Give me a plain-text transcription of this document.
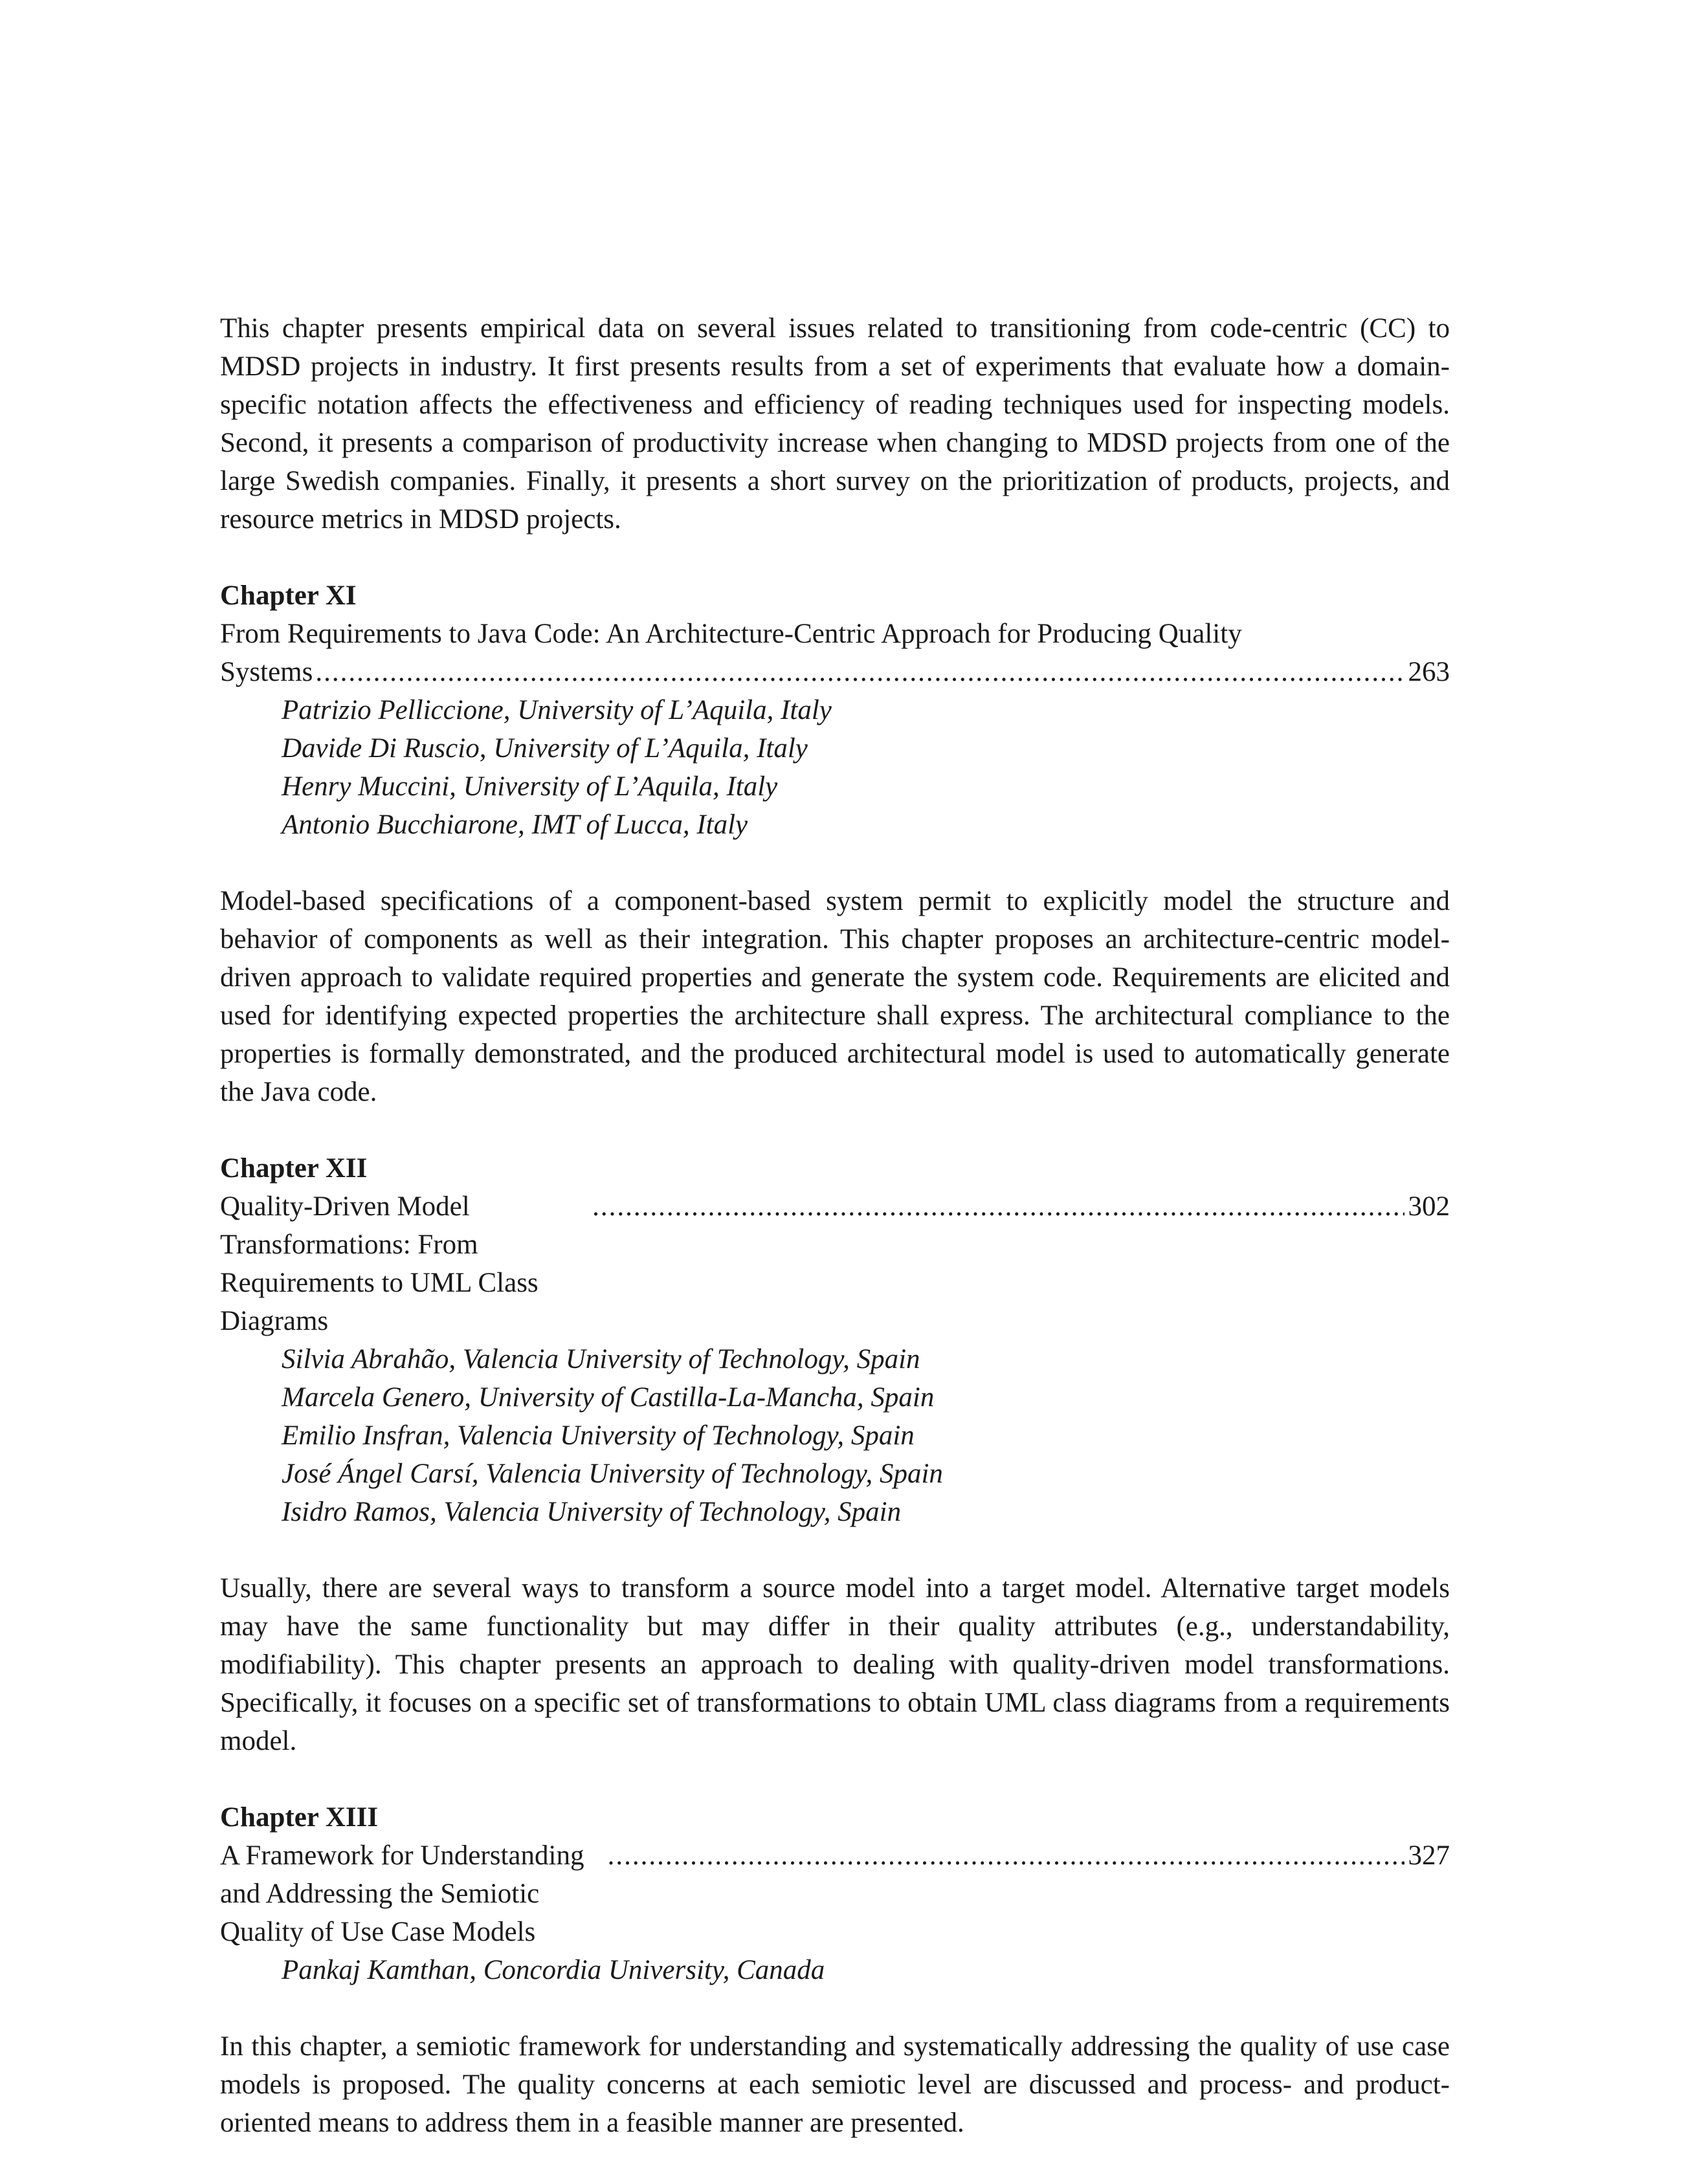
This chapter presents empirical data on several issues related to transitioning from code-centric (CC) to MDSD projects in industry. It first presents results from a set of experiments that evaluate how a domain-specific notation affects the effectiveness and efficiency of reading techniques used for inspecting models. Second, it presents a comparison of productivity increase when changing to MDSD projects from one of the large Swedish companies. Finally, it presents a short survey on the prioritization of products, projects, and resource metrics in MDSD projects.

Chapter XI

From Requirements to Java Code: An Architecture-Centric Approach for Producing Quality

Systems .....	263
Patrizio Pelliccione, University of L’Aquila, Italy
Davide Di Ruscio, University of L’Aquila, Italy
Henry Muccini, University of L’Aquila, Italy
Antonio Bucchiarone, IMT of Lucca, Italy

Model-based specifications of a component-based system permit to explicitly model the structure and behavior of components as well as their integration. This chapter proposes an architecture-centric model-driven approach to validate required properties and generate the system code. Requirements are elicited and used for identifying expected properties the architecture shall express. The architectural compliance to the properties is formally demonstrated, and the produced architectural model is used to automatically generate the Java code.

Chapter XII

Quality-Driven Model Transformations: From Requirements to UML Class Diagrams
.....
302
Silvia Abrahão, Valencia University of Technology, Spain
Marcela Genero, University of Castilla-La-Mancha, Spain
Emilio Insfran, Valencia University of Technology, Spain
José Ángel Carsí, Valencia University of Technology, Spain
Isidro Ramos, Valencia University of Technology, Spain

Usually, there are several ways to transform a source model into a target model. Alternative target models may have the same functionality but may differ in their quality attributes (e.g., understandability, modifiability). This chapter presents an approach to dealing with quality-driven model transformations. Specifically, it focuses on a specific set of transformations to obtain UML class diagrams from a requirements model.

Chapter XIII

A Framework for Understanding and Addressing the Semiotic Quality of Use Case Models
.....
327
Pankaj Kamthan, Concordia University, Canada

In this chapter, a semiotic framework for understanding and systematically addressing the quality of use case models is proposed. The quality concerns at each semiotic level are discussed and process- and product-oriented means to address them in a feasible manner are presented.
